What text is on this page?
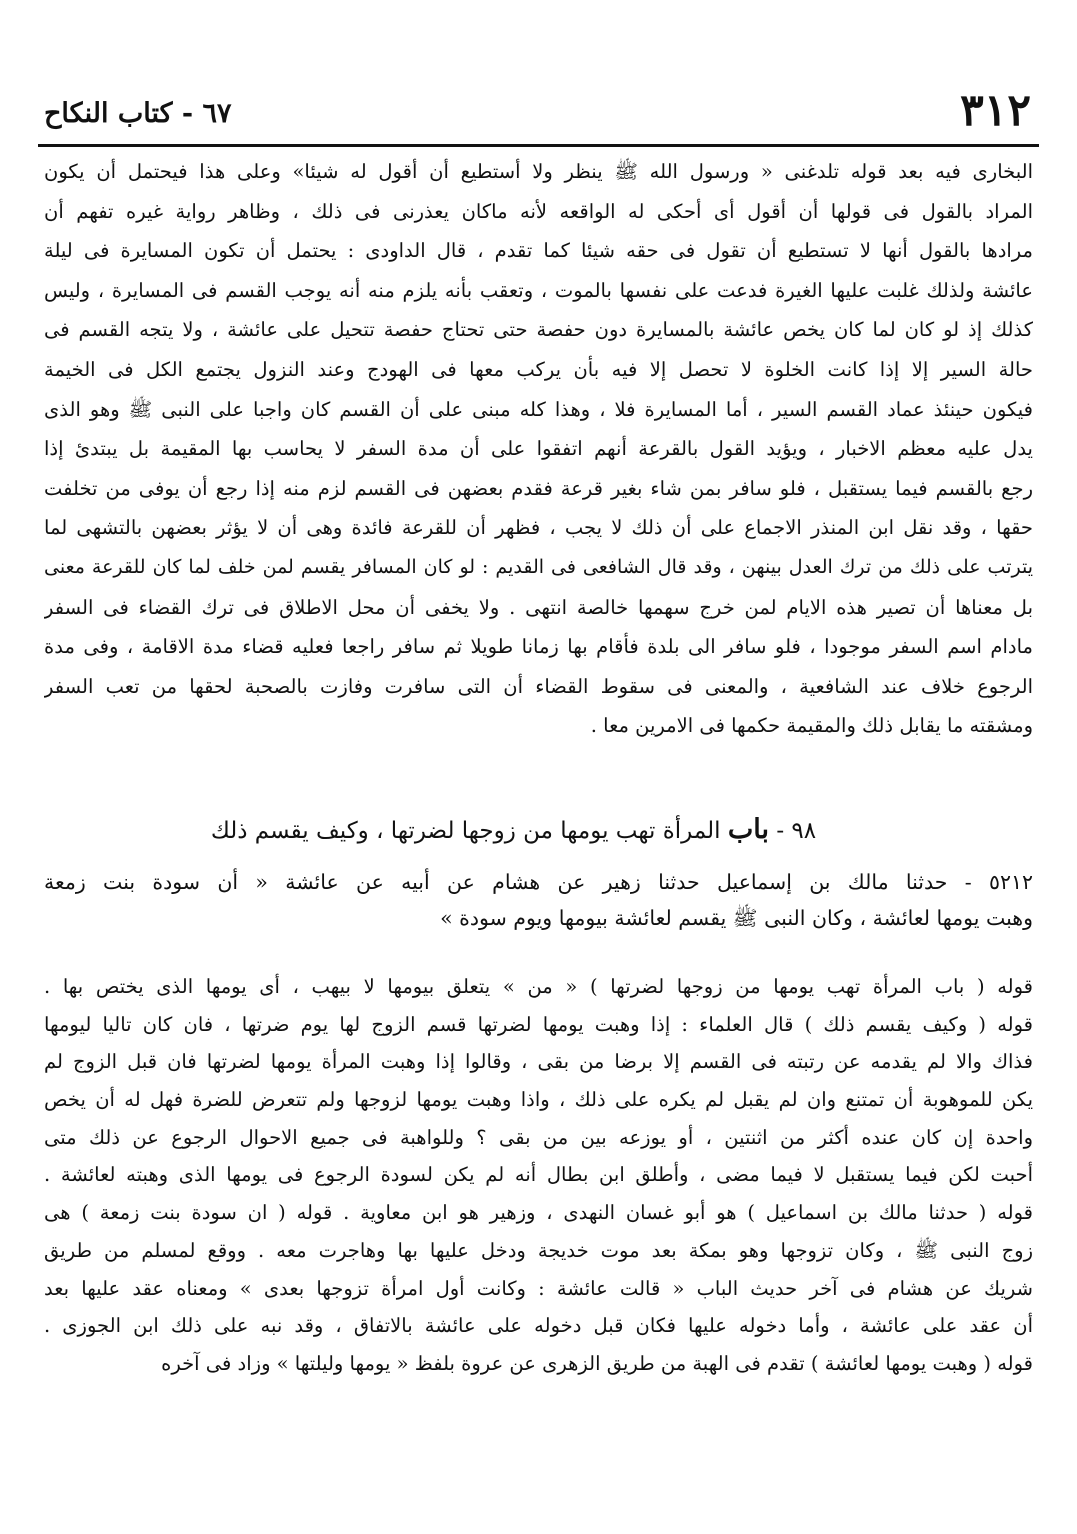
٣١٢
٦٧ - كتاب النكاح
البخارى فيه بعد قوله تلدغنى « ورسول الله ﷺ ينظر ولا أستطيع أن أقول له شيئا» وعلى هذا فيحتمل أن يكون
المراد بالقول فى قولها أن أقول أى أحكى له الواقعه لأنه ماكان يعذرنى فى ذلك ، وظاهر رواية غيره تفهم أن
مرادها بالقول أنها لا تستطيع أن تقول فى حقه شيئا كما تقدم ، قال الداودى : يحتمل أن تكون المسايرة فى ليلة
عائشة ولذلك غلبت عليها الغيرة فدعت على نفسها بالموت ، وتعقب بأنه يلزم منه أنه يوجب القسم فى المسايرة ، وليس
كذلك إذ لو كان لما كان يخص عائشة بالمسايرة دون حفصة حتى تحتاج حفصة تتحيل على عائشة ، ولا يتجه القسم فى
حالة السير إلا إذا كانت الخلوة لا تحصل إلا فيه بأن يركب معها فى الهودج وعند النزول يجتمع الكل فى الخيمة
فيكون حينئذ عماد القسم السير ، أما المسايرة فلا ، وهذا كله مبنى على أن القسم كان واجبا على النبى ﷺ وهو الذى
يدل عليه معظم الاخبار ، ويؤيد القول بالقرعة أنهم اتفقوا على أن مدة السفر لا يحاسب بها المقيمة بل يبتدئ إذا
رجع بالقسم فيما يستقبل ، فلو سافر بمن شاء بغير قرعة فقدم بعضهن فى القسم لزم منه إذا رجع أن يوفى من تخلفت
حقها ، وقد نقل ابن المنذر الاجماع على أن ذلك لا يجب ، فظهر أن للقرعة فائدة وهى أن لا يؤثر بعضهن بالتشهى لما
يترتب على ذلك من ترك العدل بينهن ، وقد قال الشافعى فى القديم : لو كان المسافر يقسم لمن خلف لما كان للقرعة معنى
بل معناها أن تصير هذه الايام لمن خرج سهمها خالصة انتهى . ولا يخفى أن محل الاطلاق فى ترك القضاء فى السفر
مادام اسم السفر موجودا ، فلو سافر الى بلدة فأقام بها زمانا طويلا ثم سافر راجعا فعليه قضاء مدة الاقامة ، وفى مدة
الرجوع خلاف عند الشافعية ، والمعنى فى سقوط القضاء أن التى سافرت وفازت بالصحبة لحقها من تعب السفر
ومشقته ما يقابل ذلك والمقيمة حكمها فى الامرين معا .
٩٨ - باب المرأة تهب يومها من زوجها لضرتها ، وكيف يقسم ذلك
٥٢١٢ - حدثنا مالك بن إسماعيل حدثنا زهير عن هشام عن أبيه عن عائشة « أن سودة بنت زمعة
وهبت يومها لعائشة ، وكان النبى ﷺ يقسم لعائشة بيومها ويوم سودة »
قوله ( باب المرأة تهب يومها من زوجها لضرتها ) « من » يتعلق بيومها لا بيهب ، أى يومها الذى يختص بها .
قوله ( وكيف يقسم ذلك ) قال العلماء : إذا وهبت يومها لضرتها قسم الزوج لها يوم ضرتها ، فان كان تاليا ليومها
فذاك والا لم يقدمه عن رتبته فى القسم إلا برضا من بقى ، وقالوا إذا وهبت المرأة يومها لضرتها فان قبل الزوج لم
يكن للموهوبة أن تمتنع وان لم يقبل لم يكره على ذلك ، واذا وهبت يومها لزوجها ولم تتعرض للضرة فهل له أن يخص
واحدة إن كان عنده أكثر من اثنتين ، أو يوزعه بين من بقى ؟ وللواهبة فى جميع الاحوال الرجوع عن ذلك متى
أحبت لكن فيما يستقبل لا فيما مضى ، وأطلق ابن بطال أنه لم يكن لسودة الرجوع فى يومها الذى وهبته لعائشة .
قوله ( حدثنا مالك بن اسماعيل ) هو أبو غسان النهدى ، وزهير هو ابن معاوية . قوله ( ان سودة بنت زمعة ) هى
زوج النبى ﷺ ، وكان تزوجها وهو بمكة بعد موت خديجة ودخل عليها بها وهاجرت معه . ووقع لمسلم من طريق
شريك عن هشام فى آخر حديث الباب « قالت عائشة : وكانت أول امرأة تزوجها بعدى » ومعناه عقد عليها بعد
أن عقد على عائشة ، وأما دخوله عليها فكان قبل دخوله على عائشة بالاتفاق ، وقد نبه على ذلك ابن الجوزى .
قوله ( وهبت يومها لعائشة ) تقدم فى الهبة من طريق الزهرى عن عروة بلفظ « يومها وليلتها » وزاد فى آخره
